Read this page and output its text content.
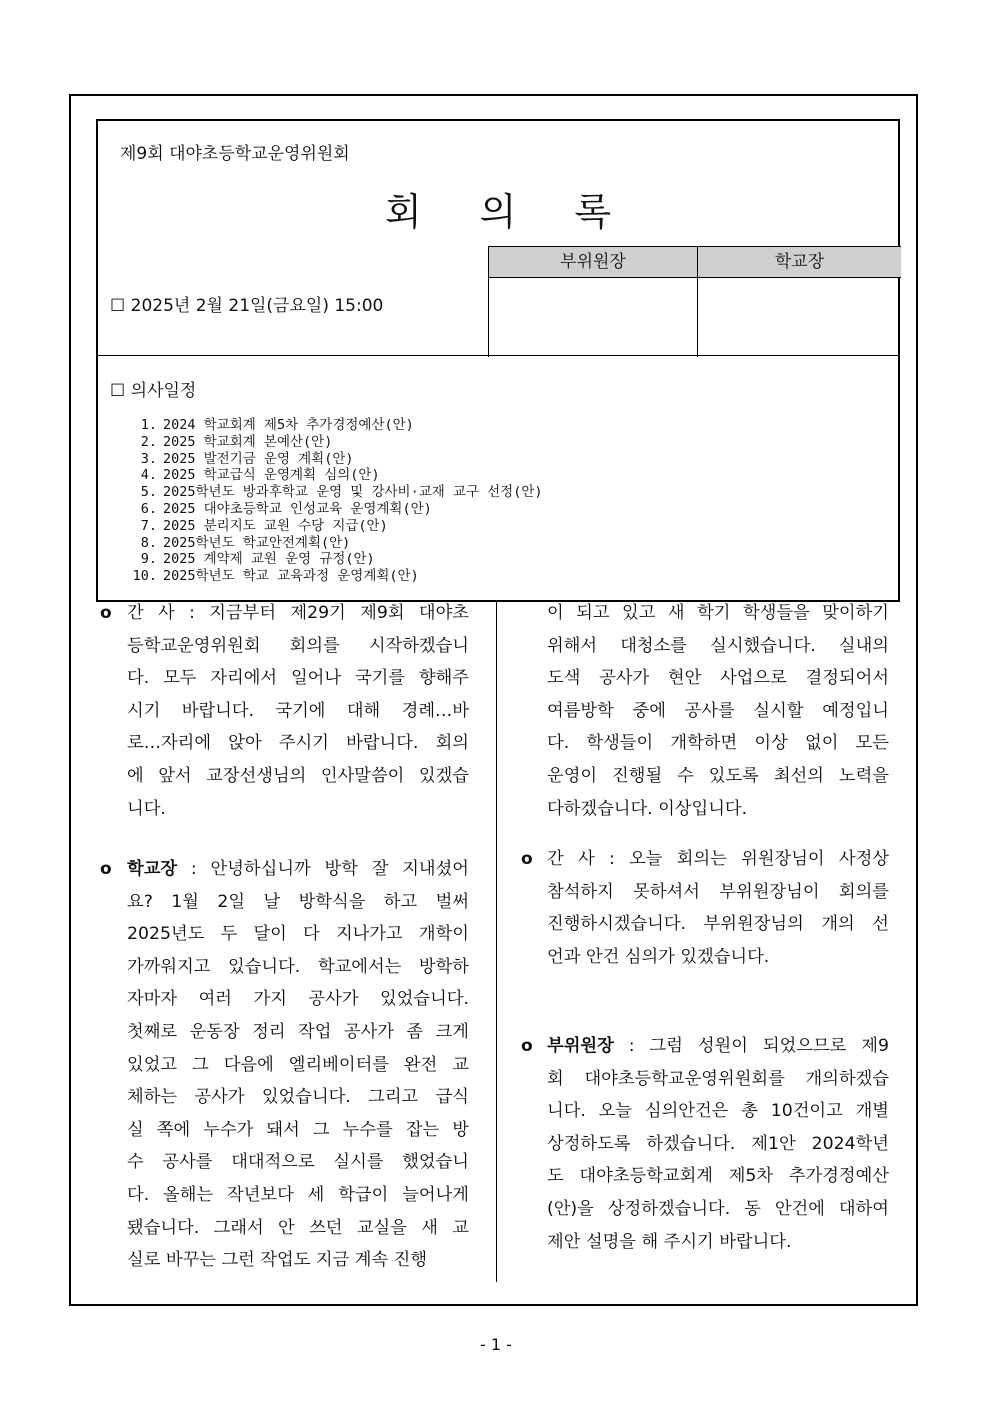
제9회 대야초등학교운영위원회
회의록
☐ 2025년 2월 21일(금요일) 15:00
부위원장	학교장
☐ 의사일정
1. 2024 학교회계 제5차 추가경정예산(안)
2. 2025 학교회계 본예산(안)
3. 2025 발전기금 운영 계획(안)
4. 2025 학교급식 운영계획 심의(안)
5. 2025학년도 방과후학교 운영 및 강사비·교재 교구 선정(안)
6. 2025 대야초등학교 인성교육 운영계획(안)
7. 2025 분리지도 교원 수당 지급(안)
8. 2025학년도 학교안전계획(안)
9. 2025 계약제 교원 운영 규정(안)
10. 2025학년도 학교 교육과정 운영계획(안)
o 간 사 : 지금부터 제29기 제9회 대야초
등학교운영위원회 회의를 시작하겠습니
다. 모두 자리에서 일어나 국기를 향해주
시기 바랍니다. 국기에 대해 경례…바
로…자리에 앉아 주시기 바랍니다. 회의
에 앞서 교장선생님의 인사말씀이 있겠습
니다.
o 학교장 : 안녕하십니까 방학 잘 지내셨어
요? 1월 2일 날 방학식을 하고 벌써
2025년도 두 달이 다 지나가고 개학이
가까워지고 있습니다. 학교에서는 방학하
자마자 여러 가지 공사가 있었습니다.
첫째로 운동장 정리 작업 공사가 좀 크게
있었고 그 다음에 엘리베이터를 완전 교
체하는 공사가 있었습니다. 그리고 급식
실 쪽에 누수가 돼서 그 누수를 잡는 방
수 공사를 대대적으로 실시를 했었습니
다. 올해는 작년보다 세 학급이 늘어나게
됐습니다. 그래서 안 쓰던 교실을 새 교
실로 바꾸는 그런 작업도 지금 계속 진행
이 되고 있고 새 학기 학생들을 맞이하기
위해서 대청소를 실시했습니다. 실내의
도색 공사가 현안 사업으로 결정되어서
여름방학 중에 공사를 실시할 예정입니
다. 학생들이 개학하면 이상 없이 모든
운영이 진행될 수 있도록 최선의 노력을
다하겠습니다. 이상입니다.
o 간 사 : 오늘 회의는 위원장님이 사정상
참석하지 못하셔서 부위원장님이 회의를
진행하시겠습니다. 부위원장님의 개의 선
언과 안건 심의가 있겠습니다.
o 부위원장 : 그럼 성원이 되었으므로 제9
회 대야초등학교운영위원회를 개의하겠습
니다. 오늘 심의안건은 총 10건이고 개별
상정하도록 하겠습니다. 제1안 2024학년
도 대야초등학교회계 제5차 추가경정예산
(안)을 상정하겠습니다. 동 안건에 대하여
제안 설명을 해 주시기 바랍니다.
- 1 -
